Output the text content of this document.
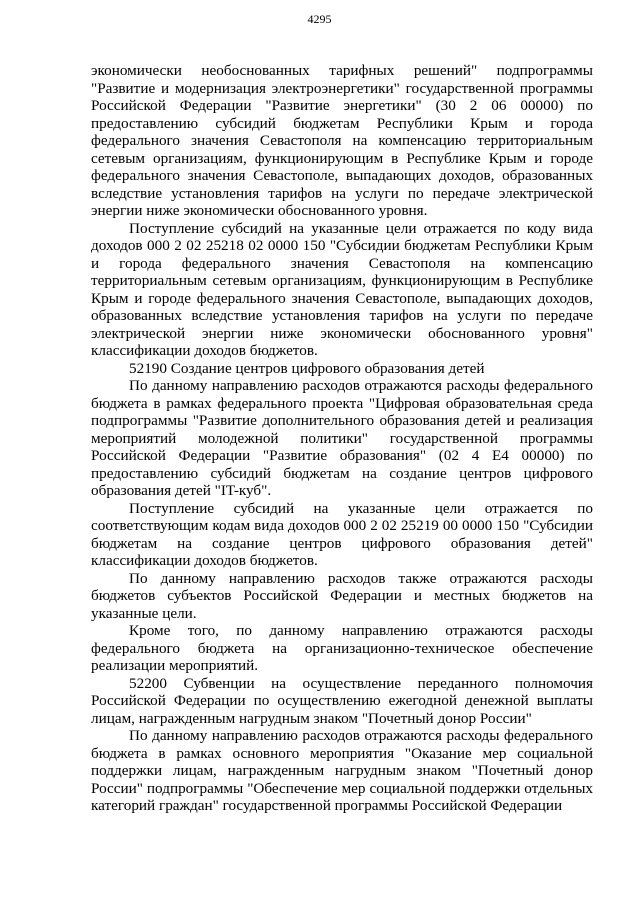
4295

экономически необоснованных тарифных решений" подпрограммы "Развитие и модернизация электроэнергетики" государственной программы Российской Федерации "Развитие энергетики" (30 2 06 00000) по предоставлению субсидий бюджетам Республики Крым и города федерального значения Севастополя на компенсацию территориальным сетевым организациям, функционирующим в Республике Крым и городе федерального значения Севастополе, выпадающих доходов, образованных вследствие установления тарифов на услуги по передаче электрической энергии ниже экономически обоснованного уровня.

Поступление субсидий на указанные цели отражается по коду вида доходов 000 2 02 25218 02 0000 150 "Субсидии бюджетам Республики Крым и города федерального значения Севастополя на компенсацию территориальным сетевым организациям, функционирующим в Республике Крым и городе федерального значения Севастополе, выпадающих доходов, образованных вследствие установления тарифов на услуги по передаче электрической энергии ниже экономически обоснованного уровня" классификации доходов бюджетов.

52190 Создание центров цифрового образования детей

По данному направлению расходов отражаются расходы федерального бюджета в рамках федерального проекта "Цифровая образовательная среда подпрограммы "Развитие дополнительного образования детей и реализация мероприятий молодежной политики" государственной программы Российской Федерации "Развитие образования" (02 4 Е4 00000) по предоставлению субсидий бюджетам на создание центров цифрового образования детей "IT-куб".

Поступление субсидий на указанные цели отражается по соответствующим кодам вида доходов 000 2 02 25219 00 0000 150 "Субсидии бюджетам на создание центров цифрового образования детей" классификации доходов бюджетов.

По данному направлению расходов также отражаются расходы бюджетов субъектов Российской Федерации и местных бюджетов на указанные цели.

Кроме того, по данному направлению отражаются расходы федерального бюджета на организационно-техническое обеспечение реализации мероприятий.

52200 Субвенции на осуществление переданного полномочия Российской Федерации по осуществлению ежегодной денежной выплаты лицам, награжденным нагрудным знаком "Почетный донор России"

По данному направлению расходов отражаются расходы федерального бюджета в рамках основного мероприятия "Оказание мер социальной поддержки лицам, награжденным нагрудным знаком "Почетный донор России" подпрограммы "Обеспечение мер социальной поддержки отдельных категорий граждан" государственной программы Российской Федерации
